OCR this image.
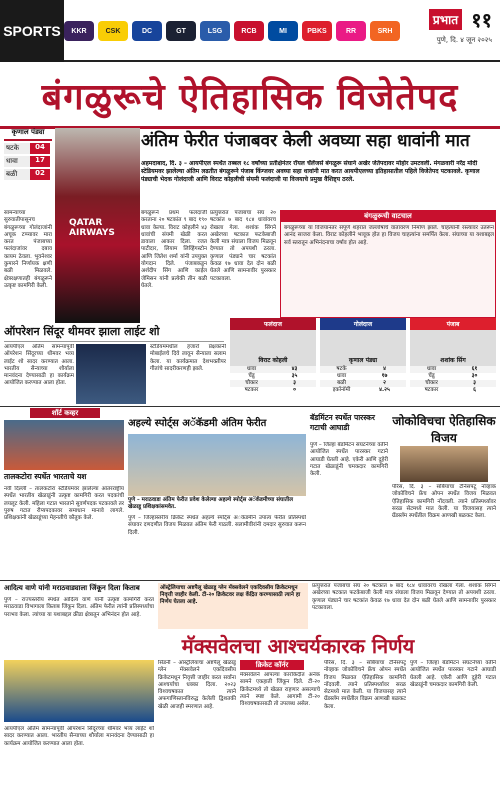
SPORTS	KKR	CSK	DC	GT	LSG	RCB	MI	PBKS	RR	SRH
प्रभात ११
पुणे, दि. ४ जून २०२५
बंगळुरूचे ऐतिहासिक विजेतेपद
कृणाल पंड्या
षटके	04
धावा	17
बळी	02
सामन्याच्या सुरुवातीपासूनच बंगळुरूच्या गोलंदाजांनी अचूक टप्प्यावर मारा करत पंजाबच्या फलंदाजांवर दबाव कायम ठेवला. भुवनेश्वर कुमारने निर्णायक क्षणी बळी मिळवले. क्षेत्ररक्षणातही बंगळुरूने उत्कृष्ट कामगिरी केली.
QATAR AIRWAYS
अंतिम फेरीत पंजाबवर केली अवघ्या सहा धावांनी मात
अहमदाबाद, दि. ३ – आयपीएल स्पर्धेत तब्बल १८ वर्षांच्या प्रतीक्षेनंतर रॉयल चॅलेंजर्स बंगळुरू संघाने अखेर जेतेपदावर मोहोर उमटवली. मंगळवारी नरेंद्र मोदी स्टेडियमवर झालेल्या अंतिम लढतीत बंगळुरूने पंजाब किंग्जवर अवघ्या सहा धावांनी मात करत आयपीएलच्या इतिहासातील पहिले विजेतेपद पटकावले. कृणाल पंड्याची भेदक गोलंदाजी आणि विराट कोहलीची संयमी फलंदाजी या विजयाचे प्रमुख वैशिष्ट्य ठरले.
बंगळुरूने प्रथम फलंदाजी करताना २० षटकांत ९ बाद १९० धावा केल्या. विराट कोहलीने ४३ धावांची संयमी खेळी करत डावाला आकार दिला. रजत पाटीदार, लियाम लिव्हिंगस्टोन आणि जितेश शर्मा यांनी उपयुक्त योगदान दिले. पंजाबकडून अर्शदीप सिंग आणि काईल जेमिसन यांनी प्रत्येकी तीन बळी घेतले.
प्रत्युत्तरात पंजाबचा संघ २० षटकांत ७ बाद १८४ धावांवरच रोखला गेला. शशांक सिंगने अखेरच्या षटकात फटकेबाजी केली मात्र संघाला विजय मिळवून देण्यात तो अपयशी ठरला. कृणाल पंड्याने चार षटकांत केवळ १७ धावा देत दोन बळी घेतले आणि सामनावीर पुरस्कार पटकावला.
बंगळुरूची वाटचाल
बंगळुरूच्या या विजयानंतर संपूर्ण शहरात जल्लोषाचे वातावरण निर्माण झाले. चाहत्यांनी रस्त्यावर उतरून आनंद साजरा केला. विराट कोहलीने भावूक होत हा विजय चाहत्यांना समर्पित केला. संघाच्या या यशाबद्दल सर्व स्तरातून अभिनंदनाचा वर्षाव होत आहे.
ऑपरेशन सिंदूर थीमवर झाला लाईट शो
आयपीएल अंतिम सामन्यापूर्वी ऑपरेशन सिंदूरच्या थीमवर भव्य लाईट शो सादर करण्यात आला. भारतीय सैन्याच्या शौर्याला मानवंदना देण्यासाठी हा कार्यक्रम आयोजित करण्यात आला होता.
स्टेडियममधील हजारो प्रेक्षकांनी मोबाईलचे दिवे लावून सैन्याला सलाम केला. या कार्यक्रमात देशभक्तीपर गीतांचे सादरीकरणही झाले.
फलंदाज
विराट कोहली
धावा	४३
चेंडू	३५
चौकार	३
षटकार	०
गोलंदाज
कृणाल पंड्या
षटके	४
धावा	१७
बळी	२
इकॉनॉमी	४.२५
पंजाब
शशांक सिंग
धावा	६१
चेंडू	३०
चौकार	३
षटकार	६
शॉर्ट कव्हर
तालकटोरा स्पर्धेत भारताचे यश
नवी दिल्ली – तालकटोरा स्टेडियमवर झालेल्या आंतरराष्ट्रीय स्पर्धेत भारतीय खेळाडूंनी उत्कृष्ट कामगिरी करत पदकांची लयलूट केली. महिला गटात भारताने सुवर्णपदक पटकावले तर पुरुष गटात रौप्यपदकावर समाधान मानावे लागले. प्रशिक्षकांनी खेळाडूंच्या मेहनतीचे कौतुक केले.
अहल्ये स्पोर्ट्स अॅकॅडमी अंतिम फेरीत
पुणे – मराठवाडा अंतिम फेरीत प्रवेश केलेल्या अहल्ये स्पोर्ट्स अॅकॅडमीच्या संघातील खेळाडू प्रशिक्षकांसमवेत.
पुणे – जिल्हास्तरीय क्रिकेट स्पर्धेत अहल्ये स्पोर्ट्स अॅकॅडमीने उपांत्य फेरीत प्रतिस्पर्धी संघावर दणदणीत विजय मिळवत अंतिम फेरी गाठली. सलामीवीरांनी दमदार सुरुवात करून दिली.
बॅडमिंटन स्पर्धेत पारस्कर गटाची आघाडी
पुणे – जिल्हा बॅडमिंटन संघटनेच्या वतीने आयोजित स्पर्धेत पारस्कर गटाने आघाडी घेतली आहे. एकेरी आणि दुहेरी गटात खेळाडूंनी चमकदार कामगिरी केली.
जोकोविचचा ऐतिहासिक विजय
पॅरिस, दि. ३ – सर्बियाचा टेनिसपटू नोव्हाक जोकोविचने फ्रेंच ओपन स्पर्धेत विजय मिळवत ऐतिहासिक कामगिरी नोंदवली. त्याने प्रतिस्पर्ध्यावर सरळ सेटमध्ये मात केली. या विजयासह त्याने ग्रँडस्लॅम स्पर्धेतील विक्रम आणखी बळकट केला.
आदित्य वाणे यांनी मराठवाड्याला जिंकून दिला किताब
पुणे – राज्यस्तरीय स्पर्धेत आदित्य वाणे यांनी उत्कृष्ट कामगिरी करत मराठवाडा विभागाला किताब जिंकून दिला. अंतिम फेरीत त्यांनी प्रतिस्पर्ध्याचा पराभव केला. त्यांच्या या यशाबद्दल क्रीडा क्षेत्रातून अभिनंदन होत आहे.
मॅक्सवेलचा आश्चर्यकारक निर्णय
ऑस्ट्रेलियाचा अष्टपैलू खेळाडू ग्लेन मॅक्सवेलने एकदिवसीय क्रिकेटमधून निवृत्ती जाहीर केली. टी-२० क्रिकेटवर लक्ष केंद्रित करण्यासाठी त्याने हा निर्णय घेतला आहे.
क्रिकेट कॉर्नर
सिडनी – ऑस्ट्रेलियाचा अष्टपैलू खेळाडू ग्लेन मॅक्सवेलने एकदिवसीय क्रिकेटमधून निवृत्ती जाहीर करत सर्वांना आश्चर्याचा धक्का दिला. २०२३ विश्वचषकात त्याने अफगाणिस्तानविरुद्ध केलेली द्विशतकी खेळी आजही स्मरणात आहे.
मॅक्सवेलने आपल्या कारकिर्दीत अनेक सामने एकहाती जिंकून दिले. टी-२० क्रिकेटमध्ये तो खेळत राहणार असल्याचे त्याने स्पष्ट केले. आगामी टी-२० विश्वचषकासाठी तो उपलब्ध असेल.
पॅरिस, दि. ३ – सर्बियाचा टेनिसपटू नोव्हाक जोकोविचने फ्रेंच ओपन स्पर्धेत विजय मिळवत ऐतिहासिक कामगिरी नोंदवली. त्याने प्रतिस्पर्ध्यावर सरळ सेटमध्ये मात केली. या विजयासह त्याने ग्रँडस्लॅम स्पर्धेतील विक्रम आणखी बळकट केला.
पुणे – जिल्हा बॅडमिंटन संघटनेच्या वतीने आयोजित स्पर्धेत पारस्कर गटाने आघाडी घेतली आहे. एकेरी आणि दुहेरी गटात खेळाडूंनी चमकदार कामगिरी केली.
प्रत्युत्तरात पंजाबचा संघ २० षटकांत ७ बाद १८४ धावांवरच रोखला गेला. शशांक सिंगने अखेरच्या षटकात फटकेबाजी केली मात्र संघाला विजय मिळवून देण्यात तो अपयशी ठरला. कृणाल पंड्याने चार षटकांत केवळ १७ धावा देत दोन बळी घेतले आणि सामनावीर पुरस्कार पटकावला.
आयपीएल अंतिम सामन्यापूर्वी ऑपरेशन सिंदूरच्या थीमवर भव्य लाईट शो सादर करण्यात आला. भारतीय सैन्याच्या शौर्याला मानवंदना देण्यासाठी हा कार्यक्रम आयोजित करण्यात आला होता.
